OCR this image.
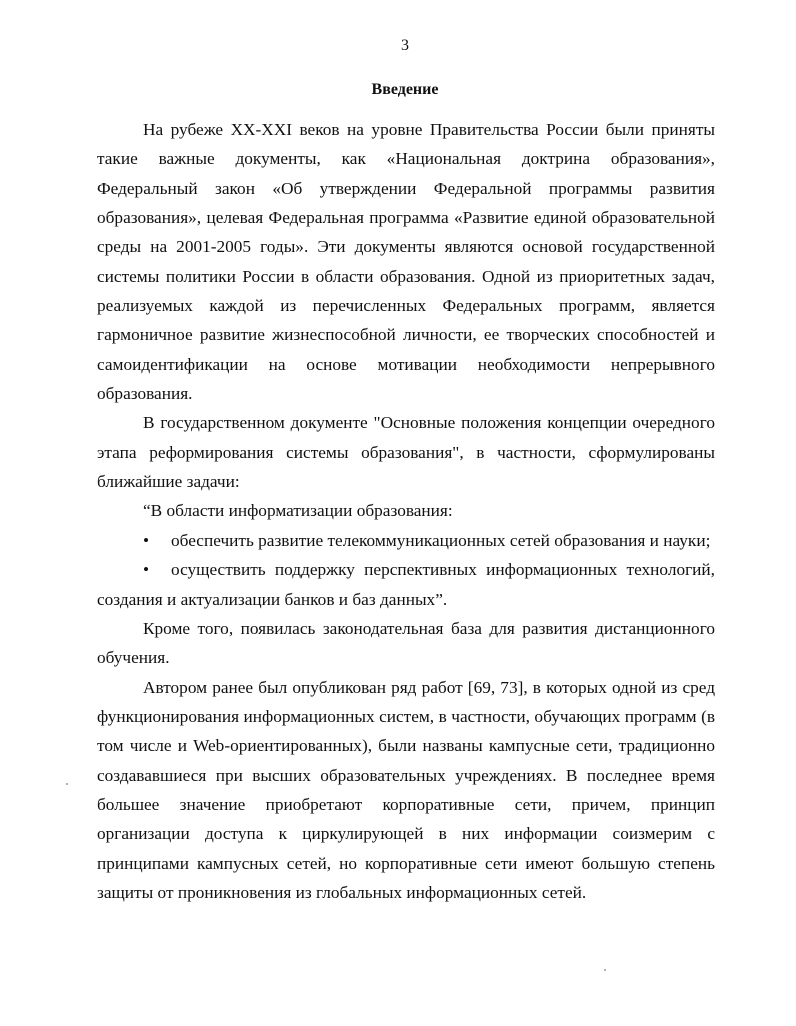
3
Введение

На рубеже XX-XXI веков на уровне Правительства России были приняты такие важные документы, как «Национальная доктрина образования», Федеральный закон «Об утверждении Федеральной программы развития образования», целевая Федеральная программа «Развитие единой образовательной среды на 2001-2005 годы». Эти документы являются основой государственной системы политики России в области образования. Одной из приоритетных задач, реализуемых каждой из перечисленных Федеральных программ, является гармоничное развитие жизнеспособной личности, ее творческих способностей и самоидентификации на основе мотивации необходимости непрерывного образования.

В государственном документе "Основные положения концепции очередного этапа реформирования системы образования", в частности, сформулированы ближайшие задачи:

“В области информатизации образования:

• обеспечить развитие телекоммуникационных сетей образования и науки;

• осуществить поддержку перспективных информационных технологий, создания и актуализации банков и баз данных”.

Кроме того, появилась законодательная база для развития дистанционного обучения.

Автором ранее был опубликован ряд работ [69, 73], в которых одной из сред функционирования информационных систем, в частности, обучающих программ (в том числе и Web-ориентированных), были названы кампусные сети, традиционно создававшиеся при высших образовательных учреждениях. В последнее время большее значение приобретают корпоративные сети, причем, принцип организации доступа к циркулирующей в них информации соизмерим с принципами кампусных сетей, но корпоративные сети имеют большую степень защиты от проникновения из глобальных информационных сетей.
